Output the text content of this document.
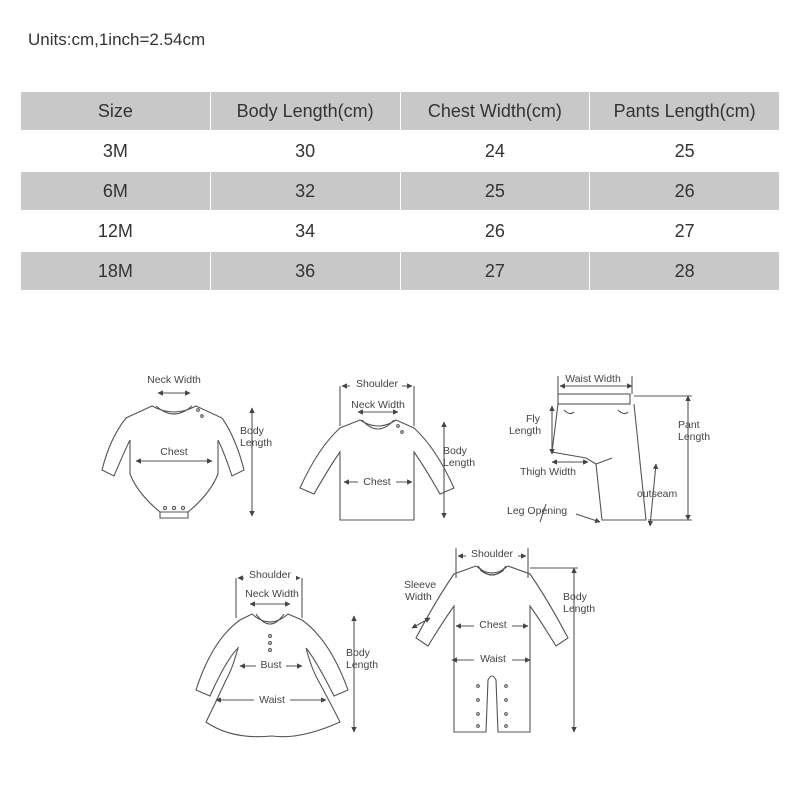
Units:cm,1inch=2.54cm
Size	Body Length(cm)	Chest Width(cm)	Pants Length(cm)
3M	30	24	25
6M	32	25	26
12M	34	26	27
18M	36	27	28
Neck Width
Chest
Body
Length
Shoulder
Neck Width
Chest
Body
Length
Waist Width
Fly
Length	Pant
Length
Thigh Width
outseam
Leg Opening
Shoulder
Neck Width
Bust
Waist
Body
Length
Shoulder
Sleeve
Width
Chest
Waist
Body
Length
